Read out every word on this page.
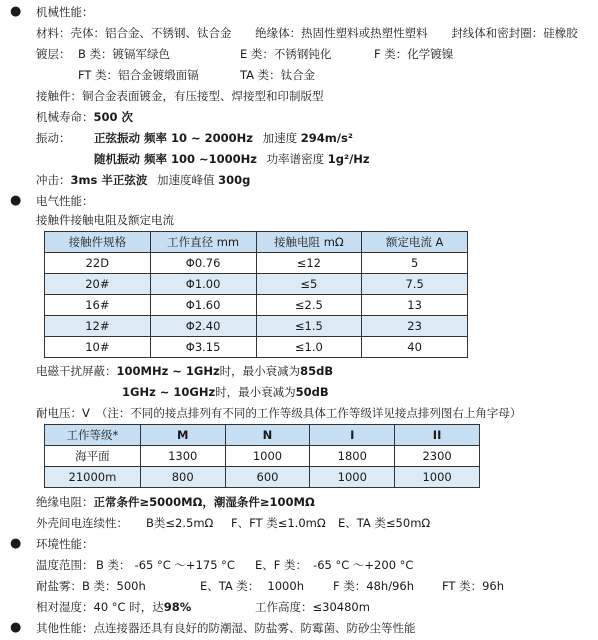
● 机械性能：
材料：壳体：铝合金、不锈钢、钛合金 绝缘体：热固性塑料或热塑性塑料 封线体和密封圈：硅橡胶
镀层： B 类：镀镉军绿色	E 类：不锈钢钝化	F 类：化学镀镍
FT 类：铝合金镀缎面镉	TA 类：钛合金
接触件：铜合金表面镀金，有压接型、焊接型和印制版型
机械寿命：500 次
振动： 正弦振动 频率 10 ~ 2000Hz 加速度 294m/s²
随机振动 频率 100 ~1000Hz 功率谱密度 1g²/Hz
冲击：3ms 半正弦波 加速度峰值 300g
● 电气性能：
接触件接触电阻及额定电流
接触件规格	工作直径 mm	接触电阻 mΩ	额定电流 A
22D	Φ0.76	≤12	5
20#	Φ1.00	≤5	7.5
16#	Φ1.60	≤2.5	13
12#	Φ2.40	≤1.5	23
10#	Φ3.15	≤1.0	40
电磁干扰屏蔽：100MHz ~ 1GHz时，最小衰减为85dB
1GHz ~ 10GHz时，最小衰减为50dB
耐电压：V （注：不同的接点排列有不同的工作等级具体工作等级详见接点排列图右上角字母）
工作等级*	M	N	I	II
海平面	1300	1000	1800	2300
21000m	800	600	1000	1000
绝缘电阻：正常条件≥5000MΩ，潮湿条件≥100MΩ
外壳间电连续性： B类≤2.5mΩ F、FT 类≤1.0mΩ E、TA 类≤50mΩ
● 环境性能：
温度范围： B 类： -65 °C ～+175 °C E、F 类： -65 °C ～+200 °C
耐盐雾：B 类：500h	E、TA 类： 1000h	F 类：48h/96h FT 类：96h
相对湿度：40 °C 时，达98%	工作高度：≤30480m
● 其他性能：点连接器还具有良好的防潮湿、防盐雾、防霉菌、防砂尘等性能
